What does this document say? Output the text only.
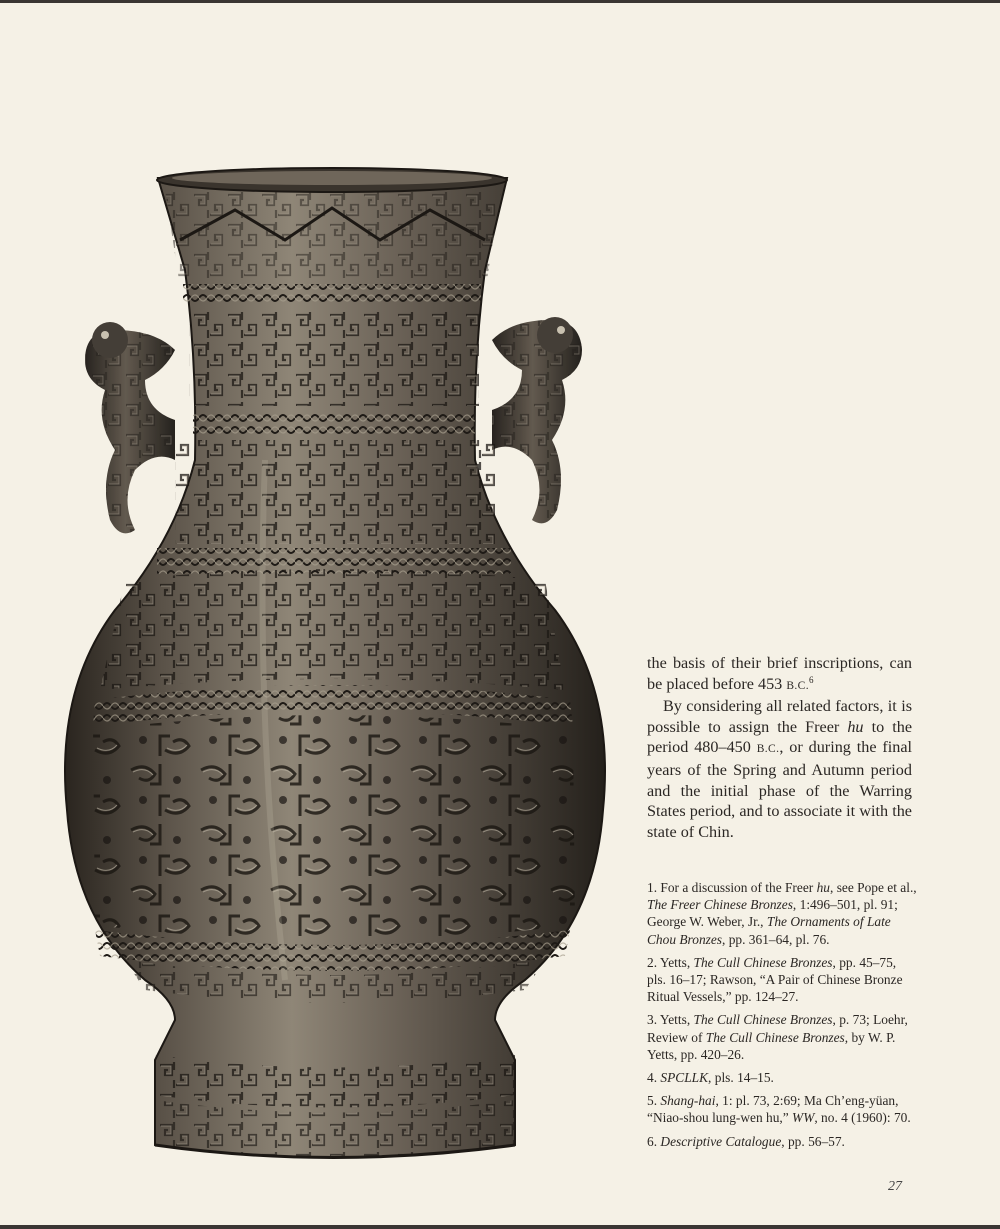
the basis of their brief inscriptions, can be placed before 453 B.C.$^6$

By considering all related factors, it is possible to assign the Freer hu to the period 480–450 B.C., or during the final years of the Spring and Autumn period and the initial phase of the Warring States period, and to associate it with the state of Chin.

1. For a discussion of the Freer hu, see Pope et al., The Freer Chinese Bronzes, 1:496–501, pl. 91; George W. Weber, Jr., The Ornaments of Late Chou Bronzes, pp. 361–64, pl. 76.

2. Yetts, The Cull Chinese Bronzes, pp. 45–75, pls. 16–17; Rawson, “A Pair of Chinese Bronze Ritual Vessels,” pp. 124–27.

3. Yetts, The Cull Chinese Bronzes, p. 73; Loehr, Review of The Cull Chinese Bronzes, by W. P. Yetts, pp. 420–26.

4. SPCLLK, pls. 14–15.

5. Shang-hai, 1: pl. 73, 2:69; Ma Ch’eng-yüan, “Niao-shou lung-wen hu,” WW, no. 4 (1960): 70.

6. Descriptive Catalogue, pp. 56–57.

27
